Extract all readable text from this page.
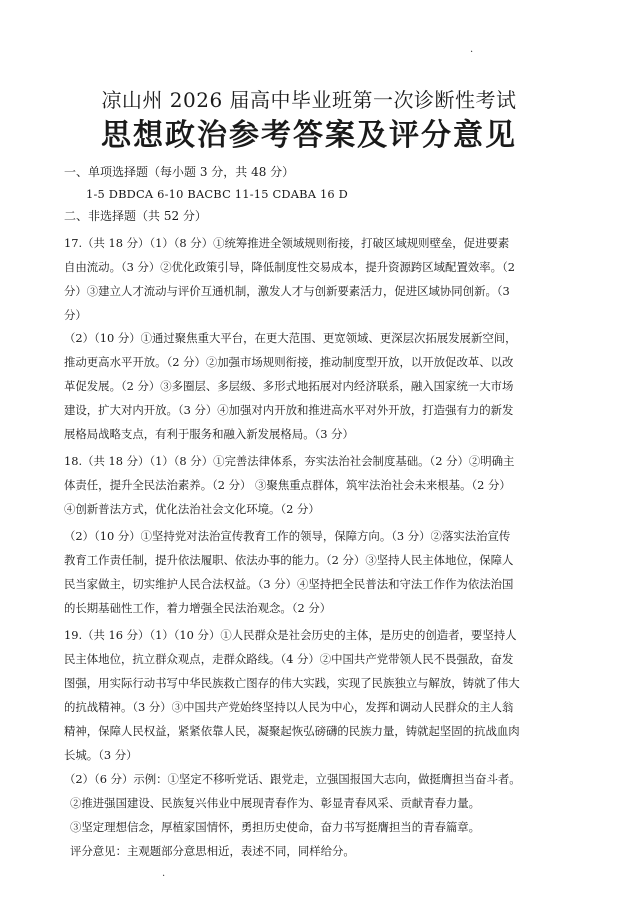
.
凉山州 2026 届高中毕业班第一次诊断性考试
思想政治参考答案及评分意见
一、单项选择题（每小题 3 分，共 48 分）
1-5 DBDCA 6-10 BACBC 11-15 CDABA 16 D
二、非选择题（共 52 分）
17.（共 18 分）（1）（8 分）①统筹推进全领域规则衔接，打破区域规则壁垒，促进要素
自由流动。（3 分）②优化政策引导，降低制度性交易成本，提升资源跨区域配置效率。（2
分）③建立人才流动与评价互通机制，激发人才与创新要素活力，促进区域协同创新。（3
分）
（2）（10 分）①通过聚焦重大平台，在更大范围、更宽领域、更深层次拓展发展新空间，
推动更高水平开放。（2 分）②加强市场规则衔接，推动制度型开放，以开放促改革、以改
革促发展。（2 分）③多圈层、多层级、多形式地拓展对内经济联系，融入国家统一大市场
建设，扩大对内开放。（3 分）④加强对内开放和推进高水平对外开放，打造强有力的新发
展格局战略支点，有利于服务和融入新发展格局。（3 分）
18.（共 18 分）（1）（8 分）①完善法律体系，夯实法治社会制度基础。（2 分）②明确主
体责任，提升全民法治素养。（2 分） ③聚焦重点群体，筑牢法治社会未来根基。（2 分）
④创新普法方式，优化法治社会文化环境。（2 分）
（2）（10 分）①坚持党对法治宣传教育工作的领导，保障方向。（3 分）②落实法治宣传
教育工作责任制，提升依法履职、依法办事的能力。（2 分）③坚持人民主体地位，保障人
民当家做主，切实维护人民合法权益。（3 分）④坚持把全民普法和守法工作作为依法治国
的长期基础性工作，着力增强全民法治观念。（2 分）
19.（共 16 分）（1）（10 分）①人民群众是社会历史的主体，是历史的创造者，要坚持人
民主体地位，抗立群众观点，走群众路线。（4 分）②中国共产党带领人民不畏强敌，奋发
图强，用实际行动书写中华民族救亡图存的伟大实践，实现了民族独立与解放，铸就了伟大
的抗战精神。（3 分）③中国共产党始终坚持以人民为中心，发挥和调动人民群众的主人翁
精神，保障人民权益，紧紧依靠人民，凝聚起恢弘磅礴的民族力量，铸就起坚固的抗战血肉
长城。（3 分）
（2）（6 分）示例：①坚定不移听党话、跟党走，立强国报国大志向，做挺膺担当奋斗者。
②推进强国建设、民族复兴伟业中展现青春作为、彰显青春风采、贡献青春力量。
③坚定理想信念，厚植家国情怀，勇担历史使命，奋力书写挺膺担当的青春篇章。
评分意见：主观题部分意思相近，表述不同，同样给分。
.
